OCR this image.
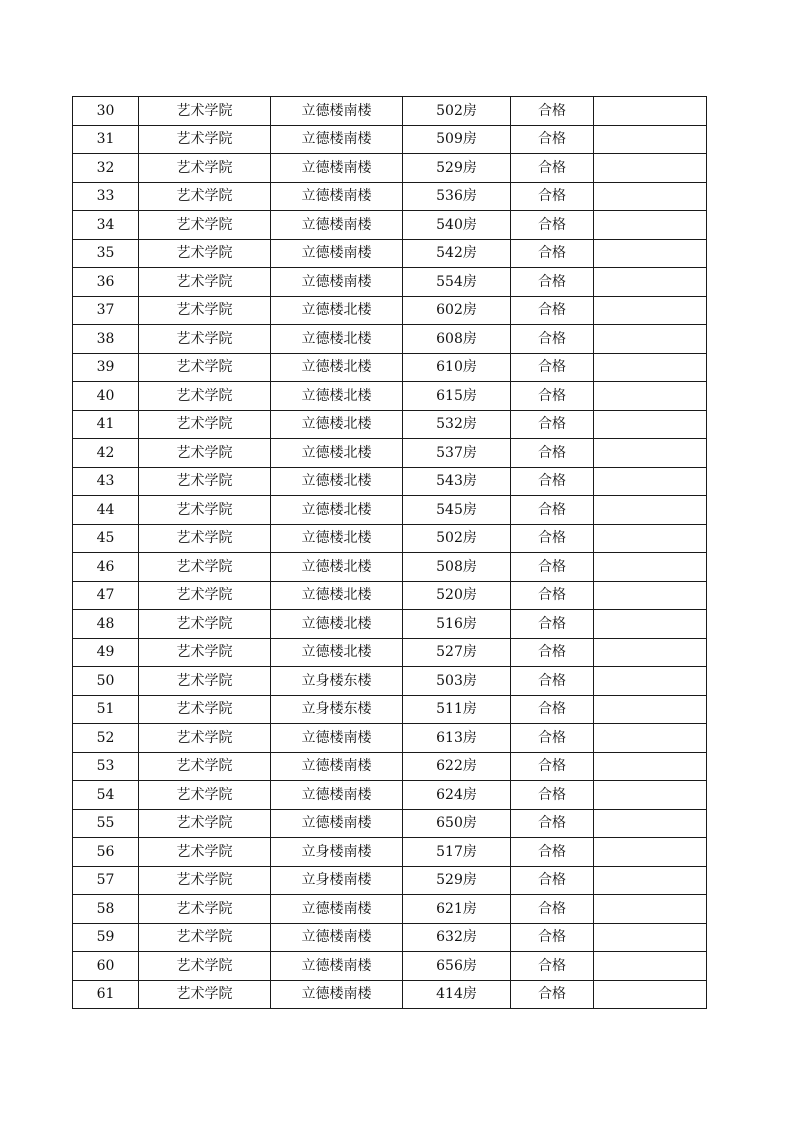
30	艺术学院	立德楼南楼	502房	合格	
31	艺术学院	立德楼南楼	509房	合格	
32	艺术学院	立德楼南楼	529房	合格	
33	艺术学院	立德楼南楼	536房	合格	
34	艺术学院	立德楼南楼	540房	合格	
35	艺术学院	立德楼南楼	542房	合格	
36	艺术学院	立德楼南楼	554房	合格	
37	艺术学院	立德楼北楼	602房	合格	
38	艺术学院	立德楼北楼	608房	合格	
39	艺术学院	立德楼北楼	610房	合格	
40	艺术学院	立德楼北楼	615房	合格	
41	艺术学院	立德楼北楼	532房	合格	
42	艺术学院	立德楼北楼	537房	合格	
43	艺术学院	立德楼北楼	543房	合格	
44	艺术学院	立德楼北楼	545房	合格	
45	艺术学院	立德楼北楼	502房	合格	
46	艺术学院	立德楼北楼	508房	合格	
47	艺术学院	立德楼北楼	520房	合格	
48	艺术学院	立德楼北楼	516房	合格	
49	艺术学院	立德楼北楼	527房	合格	
50	艺术学院	立身楼东楼	503房	合格	
51	艺术学院	立身楼东楼	511房	合格	
52	艺术学院	立德楼南楼	613房	合格	
53	艺术学院	立德楼南楼	622房	合格	
54	艺术学院	立德楼南楼	624房	合格	
55	艺术学院	立德楼南楼	650房	合格	
56	艺术学院	立身楼南楼	517房	合格	
57	艺术学院	立身楼南楼	529房	合格	
58	艺术学院	立德楼南楼	621房	合格	
59	艺术学院	立德楼南楼	632房	合格	
60	艺术学院	立德楼南楼	656房	合格	
61	艺术学院	立德楼南楼	414房	合格	
